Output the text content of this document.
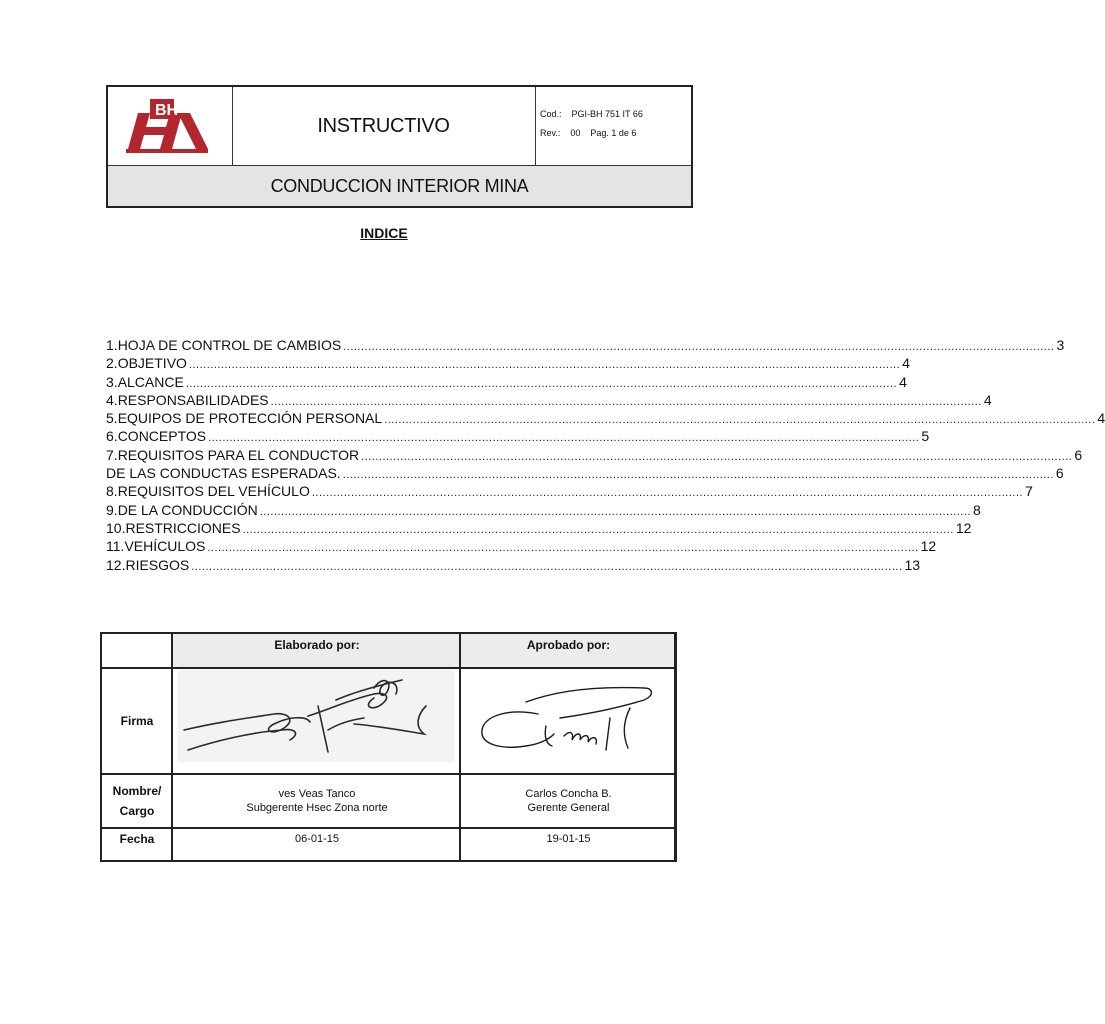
BH
INSTRUCTIVO
Cod.: PGI-BH 751 IT 66
Rev.: 00 Pag. 1 de 6
CONDUCCION INTERIOR MINA
INDICE
1. HOJA DE CONTROL DE CAMBIOS ........................................................................................................................................................................................................ 3
2. OBJETIVO ........................................................................................................................................................................................................ 4
3. ALCANCE ........................................................................................................................................................................................................ 4
4. RESPONSABILIDADES ........................................................................................................................................................................................................ 4
5. EQUIPOS DE PROTECCIÓN PERSONAL ........................................................................................................................................................................................................ 4
6. CONCEPTOS ........................................................................................................................................................................................................ 5
7. REQUISITOS PARA EL CONDUCTOR ........................................................................................................................................................................................................ 6
DE LAS CONDUCTAS ESPERADAS. ........................................................................................................................................................................................................ 6
8. REQUISITOS DEL VEHÍCULO ........................................................................................................................................................................................................ 7
9. DE LA CONDUCCIÓN ........................................................................................................................................................................................................ 8
10. RESTRICCIONES ........................................................................................................................................................................................................ 12
11. VEHÍCULOS ........................................................................................................................................................................................................ 12
12. RIESGOS ........................................................................................................................................................................................................ 13
Elaborado por:	Aprobado por:
Firma
Nombre/
Cargo
Fecha
ves Veas Tanco
Subgerente Hsec Zona norte
Carlos Concha B.
Gerente General
06-01-15	19-01-15
